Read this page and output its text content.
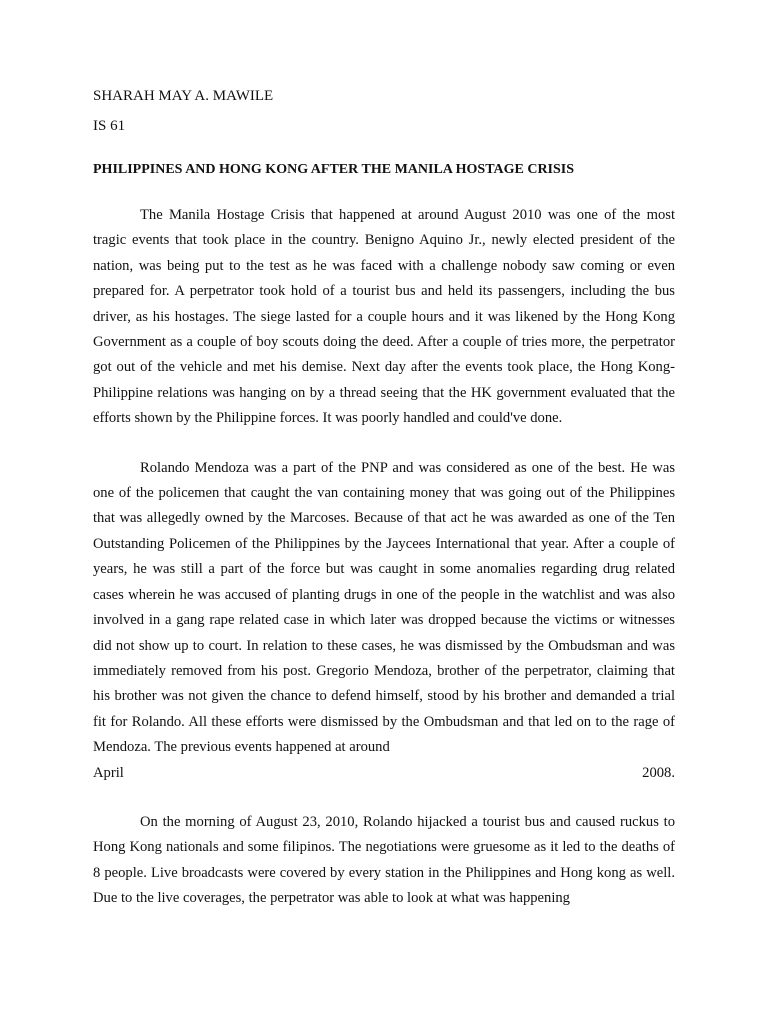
SHARAH MAY A. MAWILE
IS 61
PHILIPPINES AND HONG KONG AFTER THE MANILA HOSTAGE CRISIS

The Manila Hostage Crisis that happened at around August 2010 was one of the most tragic events that took place in the country. Benigno Aquino Jr., newly elected president of the nation, was being put to the test as he was faced with a challenge nobody saw coming or even prepared for. A perpetrator took hold of a tourist bus and held its passengers, including the bus driver, as his hostages. The siege lasted for a couple hours and it was likened by the Hong Kong Government as a couple of boy scouts doing the deed. After a couple of tries more, the perpetrator got out of the vehicle and met his demise. Next day after the events took place, the Hong Kong-Philippine relations was hanging on by a thread seeing that the HK government evaluated that the efforts shown by the Philippine forces. It was poorly handled and could've done.

Rolando Mendoza was a part of the PNP and was considered as one of the best. He was one of the policemen that caught the van containing money that was going out of the Philippines that was allegedly owned by the Marcoses. Because of that act he was awarded as one of the Ten Outstanding Policemen of the Philippines by the Jaycees International that year. After a couple of years, he was still a part of the force but was caught in some anomalies regarding drug related cases wherein he was accused of planting drugs in one of the people in the watchlist and was also involved in a gang rape related case in which later was dropped because the victims or witnesses did not show up to court. In relation to these cases, he was dismissed by the Ombudsman and was immediately removed from his post. Gregorio Mendoza, brother of the perpetrator, claiming that his brother was not given the chance to defend himself, stood by his brother and demanded a trial fit for Rolando. All these efforts were dismissed by the Ombudsman and that led on to the rage of Mendoza. The previous events happened at around

April	2008.

On the morning of August 23, 2010, Rolando hijacked a tourist bus and caused ruckus to Hong Kong nationals and some filipinos. The negotiations were gruesome as it led to the deaths of 8 people. Live broadcasts were covered by every station in the Philippines and Hong kong as well. Due to the live coverages, the perpetrator was able to look at what was happening
